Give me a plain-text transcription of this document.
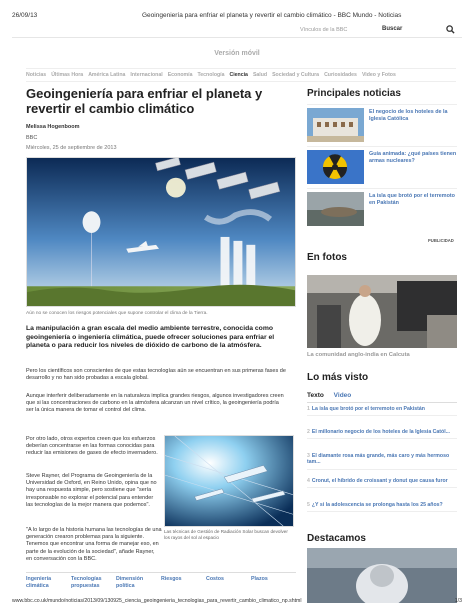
26/09/13	Geoingeniería para enfriar el planeta y revertir el cambio climático - BBC Mundo - Noticias
Vínculos de la BBC	Buscar
Versión móvil
Noticias Últimas Hora América Latina Internacional Economía Tecnología Ciencia Salud Sociedad y Cultura Curiosidades Video y Fotos
Geoingeniería para enfriar el planeta y revertir el cambio climático
Melissa Hogenboom
BBC
Miércoles, 25 de septiembre de 2013
Aún no se conocen los riesgos potenciales que supone controlar el clima de la Tierra.
La manipulación a gran escala del medio ambiente terrestre, conocida como geoingeniería o ingeniería climática, puede ofrecer soluciones para enfriar el planeta o para reducir los niveles de dióxido de carbono de la atmósfera.
Pero los científicos son conscientes de que estas tecnologías aún se encuentran en sus primeras fases de desarrollo y no han sido probadas a escala global.
Aunque interferir deliberadamente en la naturaleza implica grandes riesgos, algunos investigadores creen que si las concentraciones de carbono en la atmósfera alcanzan un nivel crítico, la geoingeniería podría ser la única manera de tomar el control del clima.
Por otro lado, otros expertos creen que los esfuerzos deberían concentrarse en las formas conocidas para reducir las emisiones de gases de efecto invernadero.
Steve Rayner, del Programa de Geoingeniería de la Universidad de Oxford, en Reino Unido, opina que no hay una respuesta simple, pero sostiene que "sería irresponsable no explorar el potencial para entender las tecnologías de la mejor manera que podemos".
"A lo largo de la historia humana las tecnologías de una generación crearon problemas para la siguiente. Tenemos que encontrar una forma de manejar eso, en parte de la evolución de la sociedad", añade Rayner, en conversación con la BBC.
Las técnicas de Gestión de Radiación Solar buscan devolver los rayos del sol al espacio
Ingeniería climática
Tecnologías propuestas
Dimensión política
Riesgos	Costos	Plazos
Principales noticias
El negocio de los hoteles de la Iglesia Católica
Guía animada: ¿qué países tienen armas nucleares?
La isla que brotó por el terremoto en Pakistán
PUBLICIDAD
En fotos
La comunidad anglo-india en Calcuta
Lo más visto
Texto Video
1 La isla que brotó por el terremoto en Pakistán
2 El millonario negocio de los hoteles de la Iglesia Catól...
3 El diamante rosa más grande, más caro y más hermoso tam...
4 Cronut, el híbrido de croissant y donut que causa furor
5 ¿Y si la adolescencia se prolonga hasta los 25 años?
Destacamos
www.bbc.co.uk/mundo/noticias/2013/09/130925_ciencia_geoingenieria_tecnologias_para_revertir_cambio_climatico_np.shtml	1/3
